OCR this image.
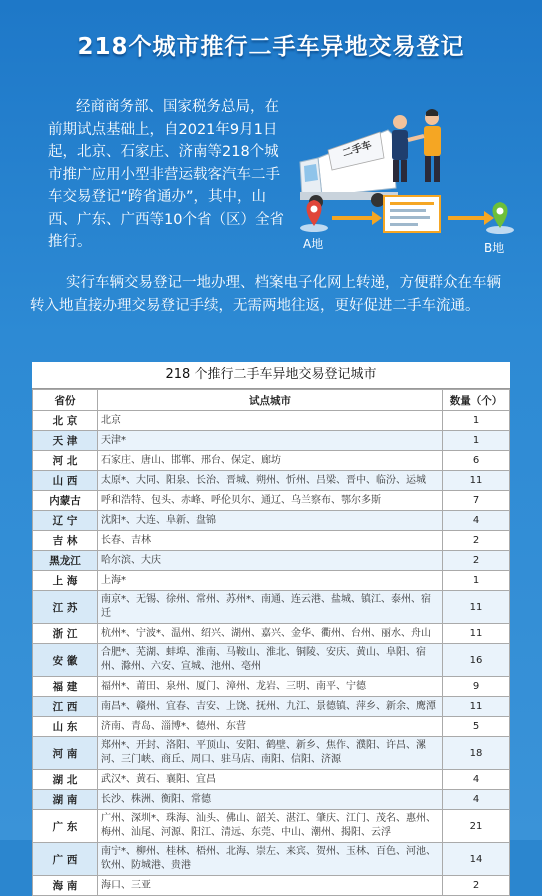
218个城市推行二手车异地交易登记
经商商务部、国家税务总局，在前期试点基础上，自2021年9月1日起，北京、石家庄、济南等218个城市推广应用小型非营运载客汽车二手车交易登记“跨省通办”，其中，山西、广东、广西等10个省（区）全省推行。
二手车
A地	B地
实行车辆交易登记一地办理、档案电子化网上转递，方便群众在车辆转入地直接办理交易登记手续，无需两地往返，更好促进二手车流通。
218 个推行二手车异地交易登记城市
省份	试点城市	数量（个）
北 京	北京	1
天 津	天津*	1
河 北	石家庄、唐山、邯郸、邢台、保定、廊坊	6
山 西	太原*、大同、阳泉、长治、晋城、朔州、忻州、吕梁、晋中、临汾、运城	11
内蒙古	呼和浩特、包头、赤峰、呼伦贝尔、通辽、乌兰察布、鄂尔多斯	7
辽 宁	沈阳*、大连、阜新、盘锦	4
吉 林	长春、吉林	2
黑龙江	哈尔滨、大庆	2
上 海	上海*	1
江 苏	南京*、无锡、徐州、常州、苏州*、南通、连云港、盐城、镇江、泰州、宿迁	11
浙 江	杭州*、宁波*、温州、绍兴、湖州、嘉兴、金华、衢州、台州、丽水、舟山	11
安 徽	合肥*、芜湖、蚌埠、淮南、马鞍山、淮北、铜陵、安庆、黄山、阜阳、宿州、滁州、六安、宣城、池州、亳州	16
福 建	福州*、莆田、泉州、厦门、漳州、龙岩、三明、南平、宁德	9
江 西	南昌*、赣州、宜春、吉安、上饶、抚州、九江、景德镇、萍乡、新余、鹰潭	11
山 东	济南、青岛、淄博*、德州、东营	5
河 南	郑州*、开封、洛阳、平顶山、安阳、鹤壁、新乡、焦作、濮阳、许昌、漯河、三门峡、商丘、周口、驻马店、南阳、信阳、济源	18
湖 北	武汉*、黄石、襄阳、宜昌	4
湖 南	长沙、株洲、衡阳、常德	4
广 东	广州、深圳*、珠海、汕头、佛山、韶关、湛江、肇庆、江门、茂名、惠州、梅州、汕尾、河源、阳江、清远、东莞、中山、潮州、揭阳、云浮	21
广 西	南宁*、柳州、桂林、梧州、北海、崇左、来宾、贺州、玉林、百色、河池、钦州、防城港、贵港	14
海 南	海口、三亚	2
